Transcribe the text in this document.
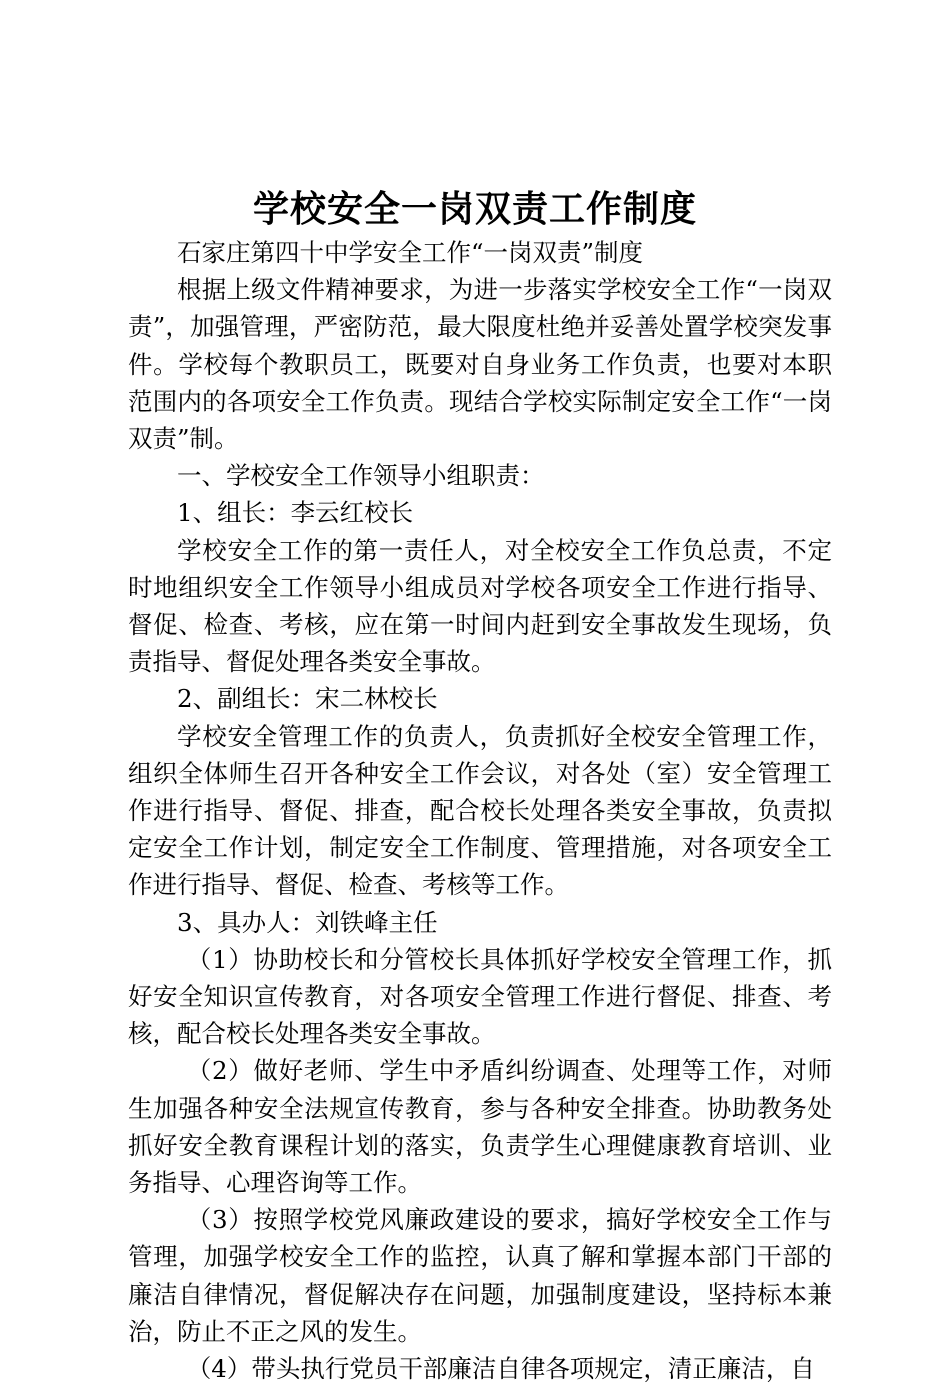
学校安全一岗双责工作制度

石家庄第四十中学安全工作“一岗双责”制度

根据上级文件精神要求，为进一步落实学校安全工作“一岗双责”，加强管理，严密防范，最大限度杜绝并妥善处置学校突发事件。学校每个教职员工，既要对自身业务工作负责，也要对本职范围内的各项安全工作负责。现结合学校实际制定安全工作“一岗双责”制。

一、学校安全工作领导小组职责：

1、组长：李云红校长

学校安全工作的第一责任人，对全校安全工作负总责，不定时地组织安全工作领导小组成员对学校各项安全工作进行指导、督促、检查、考核，应在第一时间内赶到安全事故发生现场，负责指导、督促处理各类安全事故。

2、副组长：宋二林校长

学校安全管理工作的负责人，负责抓好全校安全管理工作，组织全体师生召开各种安全工作会议，对各处（室）安全管理工作进行指导、督促、排查，配合校长处理各类安全事故，负责拟定安全工作计划，制定安全工作制度、管理措施，对各项安全工作进行指导、督促、检查、考核等工作。

3、具办人：刘铁峰主任

（1）协助校长和分管校长具体抓好学校安全管理工作，抓好安全知识宣传教育，对各项安全管理工作进行督促、排查、考核，配合校长处理各类安全事故。

（2）做好老师、学生中矛盾纠纷调查、处理等工作，对师生加强各种安全法规宣传教育，参与各种安全排查。协助教务处抓好安全教育课程计划的落实，负责学生心理健康教育培训、业务指导、心理咨询等工作。

（3）按照学校党风廉政建设的要求，搞好学校安全工作与管理，加强学校安全工作的监控，认真了解和掌握本部门干部的廉洁自律情况，督促解决存在问题，加强制度建设，坚持标本兼治，防止不正之风的发生。

（4）带头执行党员干部廉洁自律各项规定，清正廉洁，自
